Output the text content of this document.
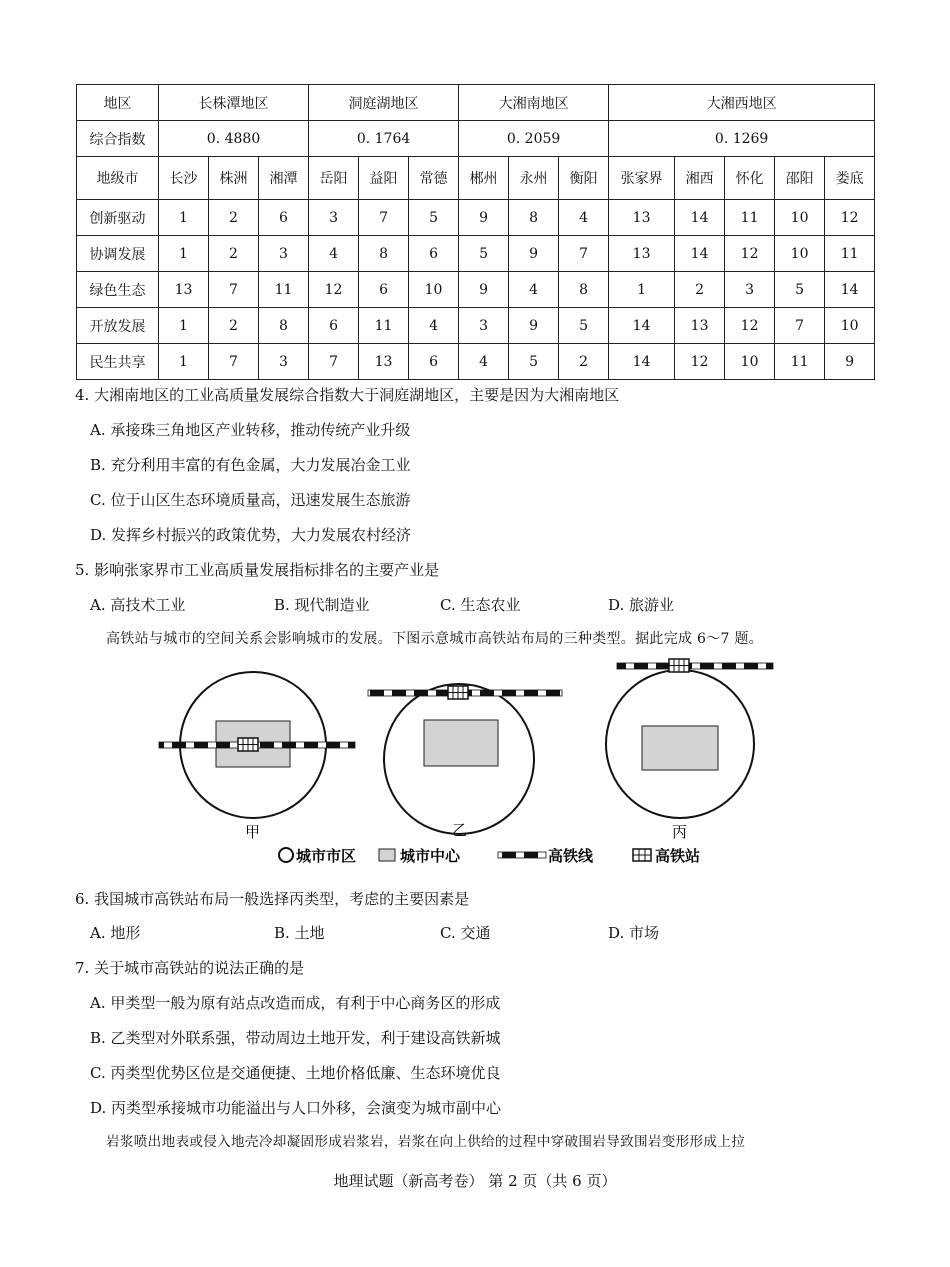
地区	长株潭地区			洞庭湖地区			大湘南地区			大湘西地区				
综合指数	0. 4880			0. 1764			0. 2059			0. 1269				
地级市	长沙	株洲	湘潭	岳阳	益阳	常德	郴州	永州	衡阳	张家界	湘西	怀化	邵阳	娄底
创新驱动	1	2	6	3	7	5	9	8	4	13	14	11	10	12
协调发展	1	2	3	4	8	6	5	9	7	13	14	12	10	11
绿色生态	13	7	11	12	6	10	9	4	8	1	2	3	5	14
开放发展	1	2	8	6	11	4	3	9	5	14	13	12	7	10
民生共享	1	7	3	7	13	6	4	5	2	14	12	10	11	9
4. 大湘南地区的工业高质量发展综合指数大于洞庭湖地区，主要是因为大湘南地区
A. 承接珠三角地区产业转移，推动传统产业升级
B. 充分利用丰富的有色金属，大力发展冶金工业
C. 位于山区生态环境质量高，迅速发展生态旅游
D. 发挥乡村振兴的政策优势，大力发展农村经济
5. 影响张家界市工业高质量发展指标排名的主要产业是
A. 高技术工业	B. 现代制造业	C. 生态农业	D. 旅游业
高铁站与城市的空间关系会影响城市的发展。下图示意城市高铁站布局的三种类型。据此完成 6～7 题。
甲	乙	丙
城市市区	城市中心	高铁线	高铁站
6. 我国城市高铁站布局一般选择丙类型，考虑的主要因素是
A. 地形	B. 土地	C. 交通	D. 市场
7. 关于城市高铁站的说法正确的是
A. 甲类型一般为原有站点改造而成，有利于中心商务区的形成
B. 乙类型对外联系强，带动周边土地开发，利于建设高铁新城
C. 丙类型优势区位是交通便捷、土地价格低廉、生态环境优良
D. 丙类型承接城市功能溢出与人口外移，会演变为城市副中心
岩浆喷出地表或侵入地壳冷却凝固形成岩浆岩，岩浆在向上供给的过程中穿破围岩导致围岩变形形成上拉
地理试题（新高考卷） 第 2 页（共 6 页）
